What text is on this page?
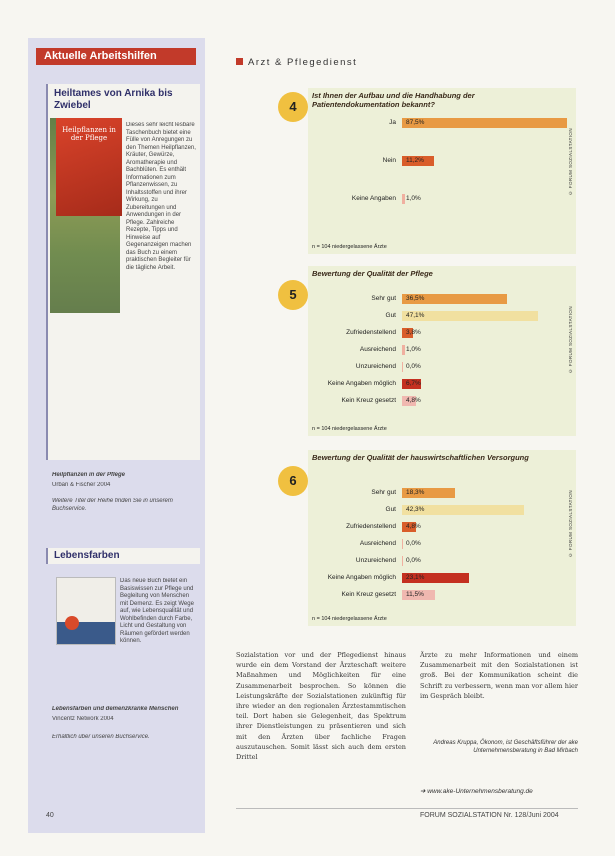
Aktuelle Arbeitshilfen
Heiltames von Arnika bis Zwiebel
Heilpflanzen in der Pflege
Dieses sehr leicht lesbare Taschenbuch bietet eine Fülle von Anregungen zu den Themen Heilpflanzen, Kräuter, Gewürze, Aromatherapie und Bachblüten. Es enthält Informationen zum Pflanzenwissen, zu Inhaltsstoffen und ihrer Wirkung, zu Zubereitungen und Anwendungen in der Pflege. Zahlreiche Rezepte, Tipps und Hinweise auf Gegenanzeigen machen das Buch zu einem praktischen Begleiter für die tägliche Arbeit.
Heilpflanzen in der Pflege
Urban & Fischer 2004
Weitere Titel der Reihe finden Sie in unserem Buchservice.
Lebensfarben
Das neue Buch bietet ein Basiswissen zur Pflege und Begleitung von Menschen mit Demenz. Es zeigt Wege auf, wie Lebensqualität und Wohlbefinden durch Farbe, Licht und Gestaltung von Räumen gefördert werden können.
Lebensfarben und demenzkranke Menschen
Vincentz Network 2004
Erhältlich über unseren Buchservice.
40
Arzt & Pflegedienst
4
Ist Ihnen der Aufbau und die Handhabung der Patientendokumentation bekannt?
Ja 87,5%
Nein 11,2%
Keine Angaben 1,0%
n = 104 niedergelassene Ärzte
© FORUM SOZIALSTATION
5
Bewertung der Qualität der Pflege
Sehr gut 36,5%
Gut 47,1%
Zufriedenstellend 3,8%
Ausreichend 1,0%
Unzureichend 0,0%
Keine Angaben möglich 6,7%
Kein Kreuz gesetzt 4,8%
n = 104 niedergelassene Ärzte
© FORUM SOZIALSTATION
6
Bewertung der Qualität der hauswirtschaftlichen Versorgung
Sehr gut 18,3%
Gut 42,3%
Zufriedenstellend 4,8%
Ausreichend 0,0%
Unzureichend 0,0%
Keine Angaben möglich 23,1%
Kein Kreuz gesetzt 11,5%
n = 104 niedergelassene Ärzte
© FORUM SOZIALSTATION
Sozialstation vor und der Pflegedienst hinaus wurde ein dem Vorstand der Ärzteschaft weitere Maßnahmen und Möglichkeiten für eine Zusammenarbeit besprochen. So können die Leistungskräfte der Sozialstationen zukünftig für ihre wieder an den regionalen Ärztestammtischen teil. Dort haben sie Gelegenheit, das Spektrum ihrer Dienstleistungen zu präsentieren und sich mit den Ärzten über fachliche Fragen auszutauschen. Somit lässt sich auch dem ersten Drittel
Ärzte zu mehr Informationen und einem Zusammenarbeit mit den Sozialstationen ist groß. Bei der Kommunikation scheint die Schrift zu verbessern, wenn man vor allem hier im Gespräch bleibt.
Andreas Kruppa, Ökonom, ist Geschäftsführer der ake Unternehmensberatung in Bad Mirbach
➔ www.ake-Unternehmensberatung.de
FORUM SOZIALSTATION Nr. 128/Juni 2004
